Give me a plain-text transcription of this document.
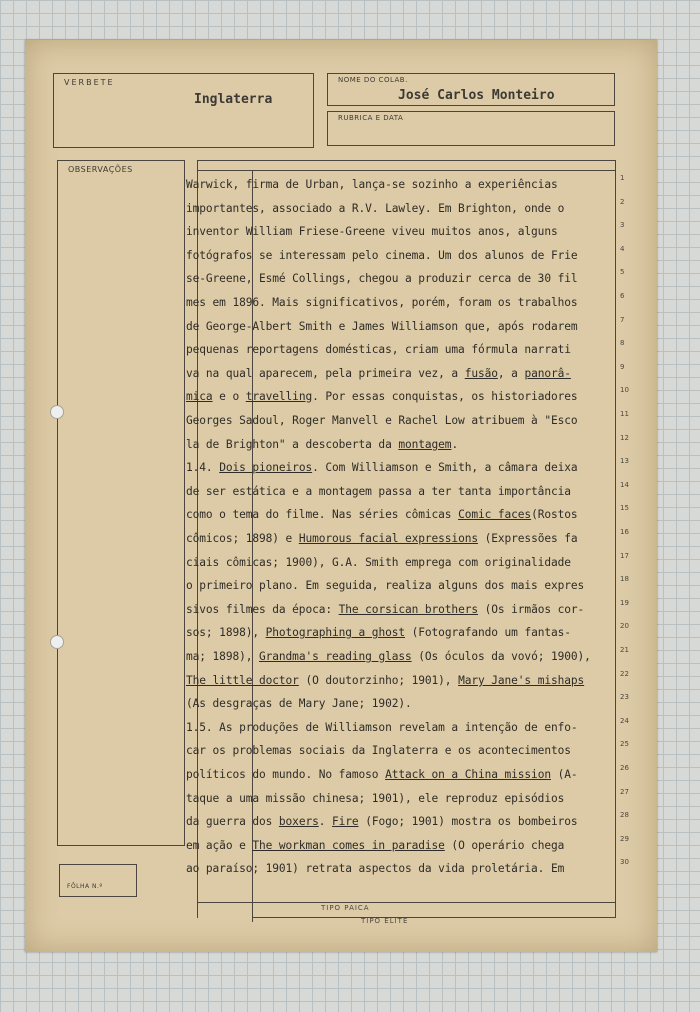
VERBETE
Inglaterra
NOME DO COLAB.
José Carlos Monteiro
RUBRICA E DATA
OBSERVAÇÕES
FÔLHA N.º
TIPO PAICA
TIPO ELITE
Warwick, firma de Urban, lança-se sozinho a experiências	1
importantes, associado a R.V. Lawley. Em Brighton, onde o	2
inventor William Friese-Greene viveu muitos anos, alguns	3
fotógrafos se interessam pelo cinema. Um dos alunos de Frie	4
se-Greene, Esmé Collings, chegou a produzir cerca de 30 fil	5
mes em 1896. Mais significativos, porém, foram os trabalhos	6
de George-Albert Smith e James Williamson que, após rodarem	7
pequenas reportagens domésticas, criam uma fórmula narrati	8
va na qual aparecem, pela primeira vez, a fusão, a panorâ-	9
mica e o travelling. Por essas conquistas, os historiadores	10
Georges Sadoul, Roger Manvell e Rachel Low atribuem à "Esco	11
la de Brighton" a descoberta da montagem.	12
1.4. Dois pioneiros. Com Williamson e Smith, a câmara deixa	13
de ser estática e a montagem passa a ter tanta importância	14
como o tema do filme. Nas séries cômicas Comic faces(Rostos	15
cômicos; 1898) e Humorous facial expressions (Expressões fa	16
ciais cômicas; 1900), G.A. Smith emprega com originalidade	17
o primeiro plano. Em seguida, realiza alguns dos mais expres	18
sivos filmes da época: The corsican brothers (Os irmãos cor-	19
sos; 1898), Photographing a ghost (Fotografando um fantas-	20
ma; 1898), Grandma's reading glass (Os óculos da vovó; 1900),	21
The little doctor (O doutorzinho; 1901), Mary Jane's mishaps	22
(As desgraças de Mary Jane; 1902).	23
1.5. As produções de Williamson revelam a intenção de enfo-	24
car os problemas sociais da Inglaterra e os acontecimentos	25
políticos do mundo. No famoso Attack on a China mission (A-	26
taque a uma missão chinesa; 1901), ele reproduz episódios	27
da guerra dos boxers. Fire (Fogo; 1901) mostra os bombeiros	28
em ação e The workman comes in paradise (O operário chega	29
ao paraíso; 1901) retrata aspectos da vida proletária. Em	30
